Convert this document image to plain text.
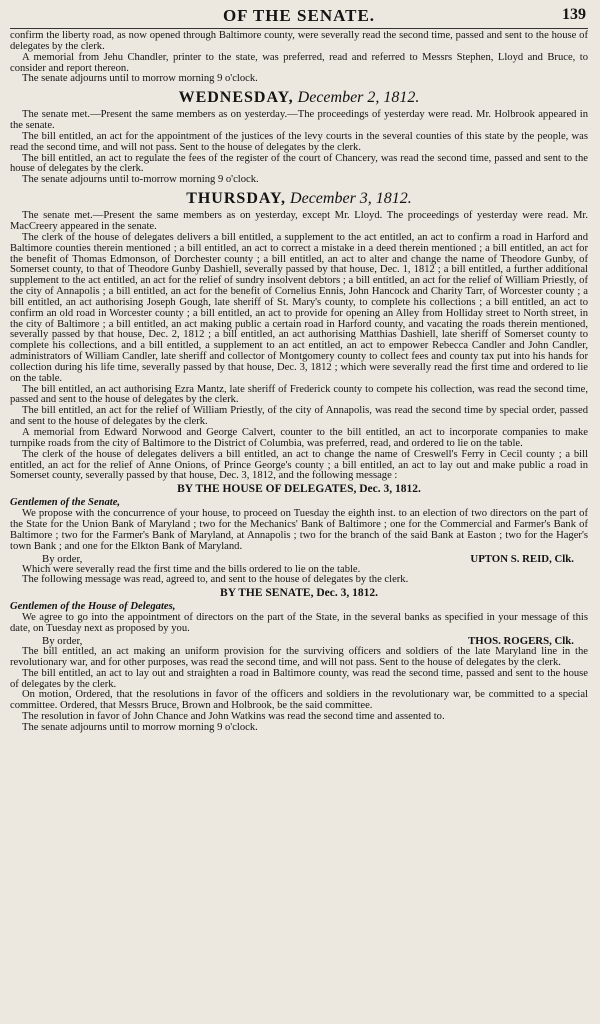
OF THE SENATE.	139

confirm the liberty road, as now opened through Baltimore county, were severally read the second time, passed and sent to the house of delegates by the clerk.

A memorial from Jehu Chandler, printer to the state, was preferred, read and referred to Messrs Stephen, Lloyd and Bruce, to consider and report thereon.

The senate adjourns until to morrow morning 9 o'clock.

WEDNESDAY, December 2, 1812.

The senate met.—Present the same members as on yesterday.—The proceedings of yesterday were read. Mr. Holbrook appeared in the senate.

The bill entitled, an act for the appointment of the justices of the levy courts in the several counties of this state by the people, was read the second time, and will not pass. Sent to the house of delegates by the clerk.

The bill entitled, an act to regulate the fees of the register of the court of Chancery, was read the second time, passed and sent to the house of delegates by the clerk.

The senate adjourns until to-morrow morning 9 o'clock.

THURSDAY, December 3, 1812.

The senate met.—Present the same members as on yesterday, except Mr. Lloyd. The proceedings of yesterday were read. Mr. MacCreery appeared in the senate.

The clerk of the house of delegates delivers a bill entitled, a supplement to the act entitled, an act to confirm a road in Harford and Baltimore counties therein mentioned ; a bill entitled, an act to correct a mistake in a deed therein mentioned ; a bill entitled, an act for the benefit of Thomas Edmonson, of Dorchester county ; a bill entitled, an act to alter and change the name of Theodore Gunby, of Somerset county, to that of Theodore Gunby Dashiell, severally passed by that house, Dec. 1, 1812 ; a bill entitled, a further additional supplement to the act entitled, an act for the relief of sundry insolvent debtors ; a bill entitled, an act for the relief of William Priestly, of the city of Annapolis ; a bill entitled, an act for the benefit of Cornelius Ennis, John Hancock and Charity Tarr, of Worcester county ; a bill entitled, an act authorising Joseph Gough, late sheriff of St. Mary's county, to complete his collections ; a bill entitled, an act to confirm an old road in Worcester county ; a bill entitled, an act to provide for opening an Alley from Holliday street to North street, in the city of Baltimore ; a bill entitled, an act making public a certain road in Harford county, and vacating the roads therein mentioned, severally passed by that house, Dec. 2, 1812 ; a bill entitled, an act authorising Matthias Dashiell, late sheriff of Somerset county to complete his collections, and a bill entitled, a supplement to an act entitled, an act to empower Rebecca Candler and John Candler, administrators of William Candler, late sheriff and collector of Montgomery county to collect fees and county tax put into his hands for collection during his life time, severally passed by that house, Dec. 3, 1812 ; which were severally read the first time and ordered to lie on the table.

The bill entitled, an act authorising Ezra Mantz, late sheriff of Frederick county to compete his collection, was read the second time, passed and sent to the house of delegates by the clerk.

The bill entitled, an act for the relief of William Priestly, of the city of Annapolis, was read the second time by special order, passed and sent to the house of delegates by the clerk.

A memorial from Edward Norwood and George Calvert, counter to the bill entitled, an act to incorporate companies to make turnpike roads from the city of Baltimore to the District of Columbia, was preferred, read, and ordered to lie on the table.

The clerk of the house of delegates delivers a bill entitled, an act to change the name of Creswell's Ferry in Cecil county ; a bill entitled, an act for the relief of Anne Onions, of Prince George's county ; a bill entitled, an act to lay out and make public a road in Somerset county, severally passed by that house, Dec. 3, 1812, and the following message :

BY THE HOUSE OF DELEGATES, Dec. 3, 1812.
Gentlemen of the Senate,

We propose with the concurrence of your house, to proceed on Tuesday the eighth inst. to an election of two directors on the part of the State for the Union Bank of Maryland ; two for the Mechanics' Bank of Baltimore ; one for the Commercial and Farmer's Bank of Baltimore ; two for the Farmer's Bank of Maryland, at Annapolis ; two for the branch of the said Bank at Easton ; two for the Hager's town Bank ; and one for the Elkton Bank of Maryland.

By order,	UPTON S. REID, Clk.

Which were severally read the first time and the bills ordered to lie on the table.

The following message was read, agreed to, and sent to the house of delegates by the clerk.

BY THE SENATE, Dec. 3, 1812.
Gentlemen of the House of Delegates,

We agree to go into the appointment of directors on the part of the State, in the several banks as specified in your message of this date, on Tuesday next as proposed by you.

By order,	THOS. ROGERS, Clk.

The bill entitled, an act making an uniform provision for the surviving officers and soldiers of the late Maryland line in the revolutionary war, and for other purposes, was read the second time, and will not pass. Sent to the house of delegates by the clerk.

The bill entitled, an act to lay out and straighten a road in Baltimore county, was read the second time, passed and sent to the house of delegates by the clerk.

On motion, Ordered, that the resolutions in favor of the officers and soldiers in the revolutionary war, be committed to a special committee. Ordered, that Messrs Bruce, Brown and Holbrook, be the said committee.

The resolution in favor of John Chance and John Watkins was read the second time and assented to.

The senate adjourns until to morrow morning 9 o'clock.
